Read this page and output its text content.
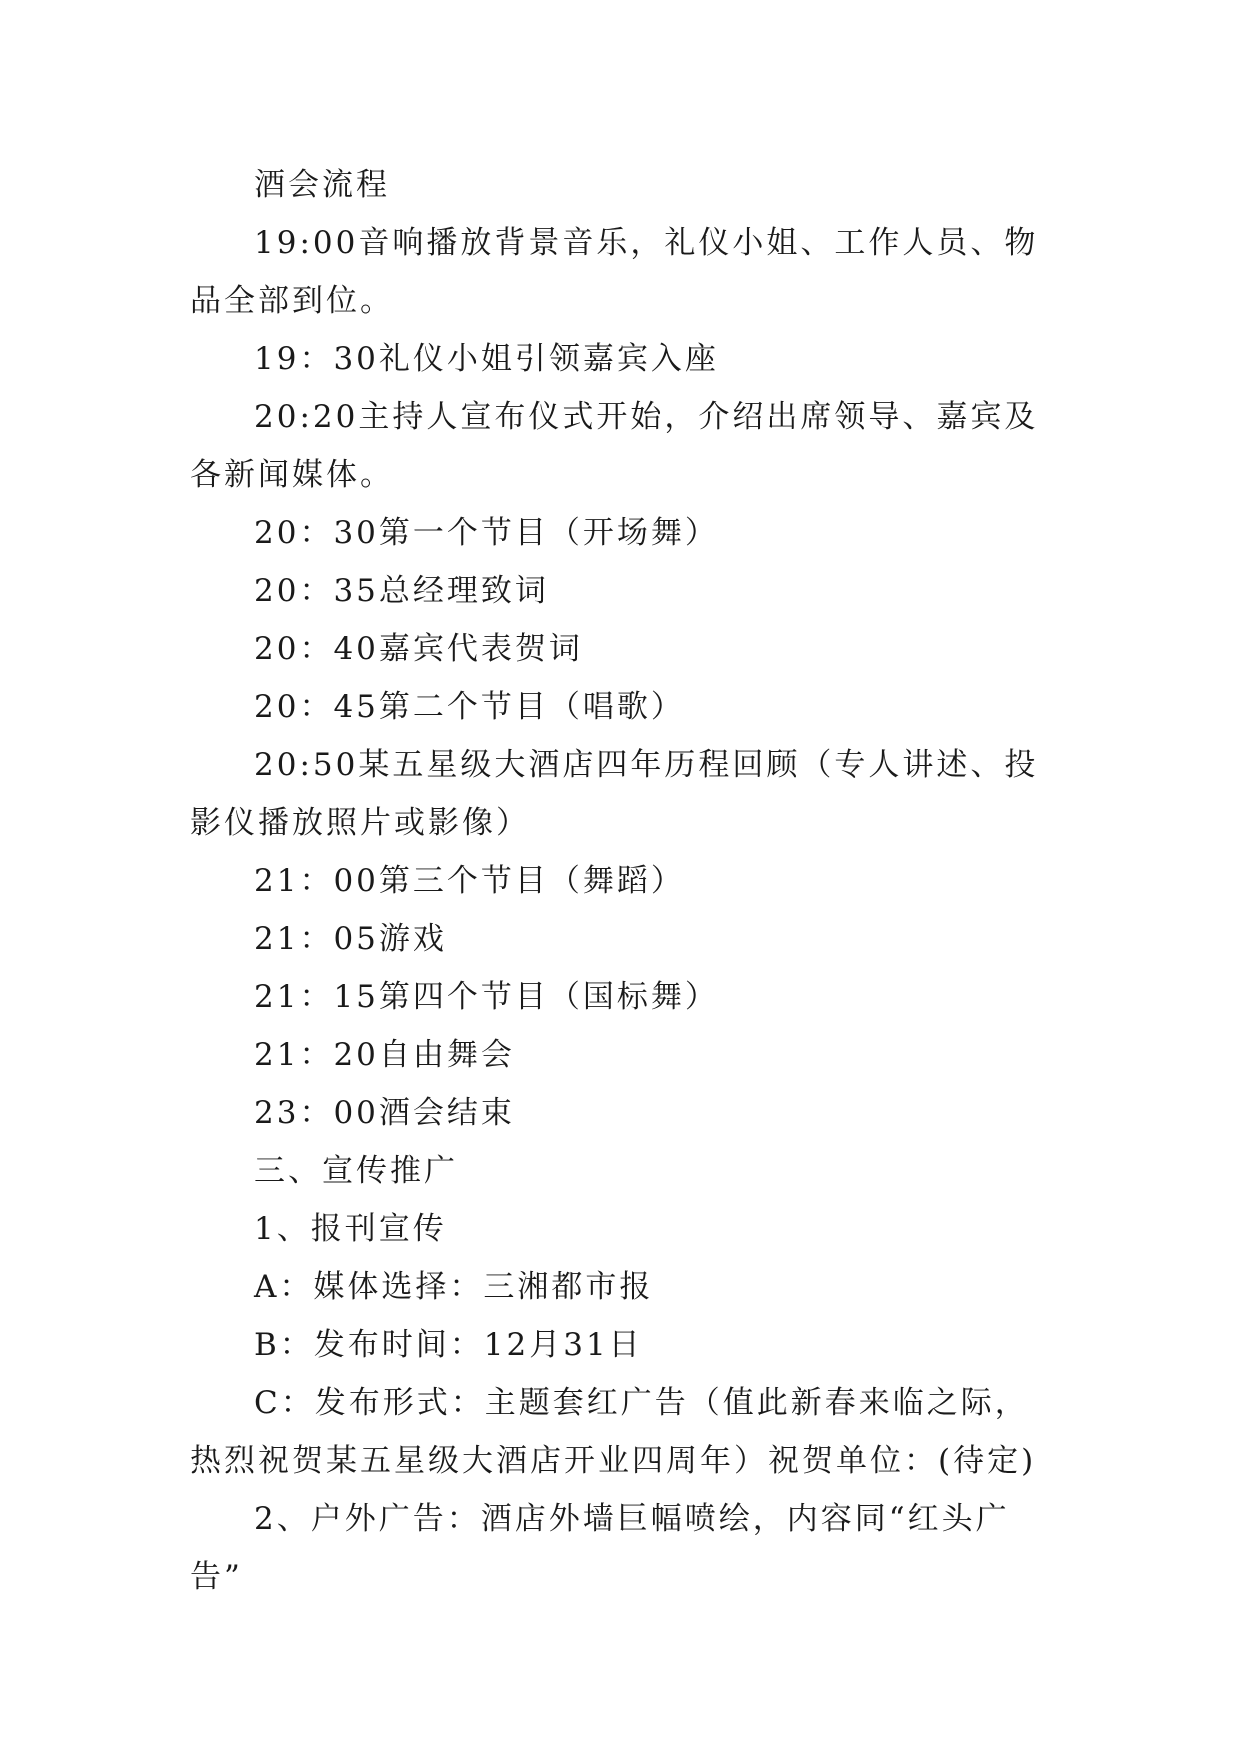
酒会流程

19:00音响播放背景音乐，礼仪小姐、工作人员、物品全部到位。

19：30礼仪小姐引领嘉宾入座

20:20主持人宣布仪式开始，介绍出席领导、嘉宾及各新闻媒体。

20：30第一个节目（开场舞）

20：35总经理致词

20：40嘉宾代表贺词

20：45第二个节目（唱歌）

20:50某五星级大酒店四年历程回顾（专人讲述、投影仪播放照片或影像）

21：00第三个节目（舞蹈）

21：05游戏

21：15第四个节目（国标舞）

21：20自由舞会

23：00酒会结束

三、宣传推广

1、报刊宣传

A：媒体选择：三湘都市报

B：发布时间：12月31日

C：发布形式：主题套红广告（值此新春来临之际，热烈祝贺某五星级大酒店开业四周年）祝贺单位：(待定)

2、户外广告：酒店外墙巨幅喷绘，内容同“红头广告”
